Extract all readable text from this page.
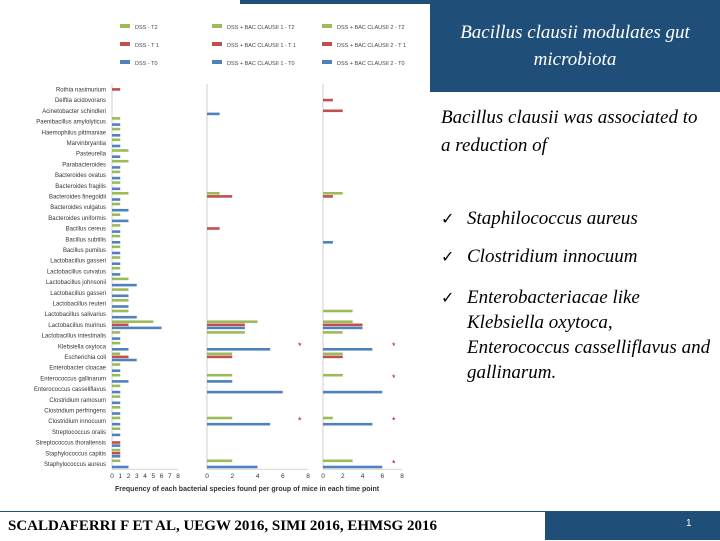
DSS - T2
DSS - T 1
DSS - T0
DSS + BAC CLAUSII 1 - T2
DSS + BAC CLAUSII 1 - T 1
DSS + BAC CLAUSII 1 - T0
DSS + BAC CLAUSII 2 - T2
DSS + BAC CLAUSII 2 - T 1
DSS + BAC CLAUSII 2 - T0
Rothia nasimurium
Delftia acidovorans
Acinetobacter schindleri
Paenibacillus amylolyticus
Haemophilus pittmaniae
Marvinbryantia
Pasteurella
Parabacteroides
Bacteroides ovatus
Bacteroides fragilis
Bacteroides finegoldii
Bacteroides vulgatus
Bacteroides uniformis
Bacillus cereus
Bacillus subtilis
Bacillus pumilus
Lactobacillus gasseri
Lactobacillus curvatus
Lactobacillus johnsonii
Lactobacillus gasseri
Lactobacillus reuteri
Lactobacillus salivarius
Lactobacillus murinus
Lactobacillus intestinalis
Klebsiella oxytoca
Escherichia coli
Enterobacter cloacae
Enterococcus gallinarum
Enterococcus casseliflavus
Clostridium ramosum
Clostridium perfringens
Clostridium innocuum
Streptococcus oralis
Streptococcus thoraltensis
Staphylococcus capitis
Staphylococcus aureus
0 1 2 3 4 5 6 7 8	0	2	4	6	8
*
*
0 2 4 6 8
*
*
*
*
Frequency of each bacterial species found per group of mice in each time point
Bacillus clausii modulates gut microbiota
Bacillus clausii was associated to a reduction of
✓ Staphilococcus aureus
✓ Clostridium innocuum
✓ Enterobacteriacae like Klebsiella oxytoca, Enterococcus casselliflavus and gallinarum.
SCALDAFERRI F ET AL, UEGW 2016, SIMI 2016, EHMSG 2016	1
